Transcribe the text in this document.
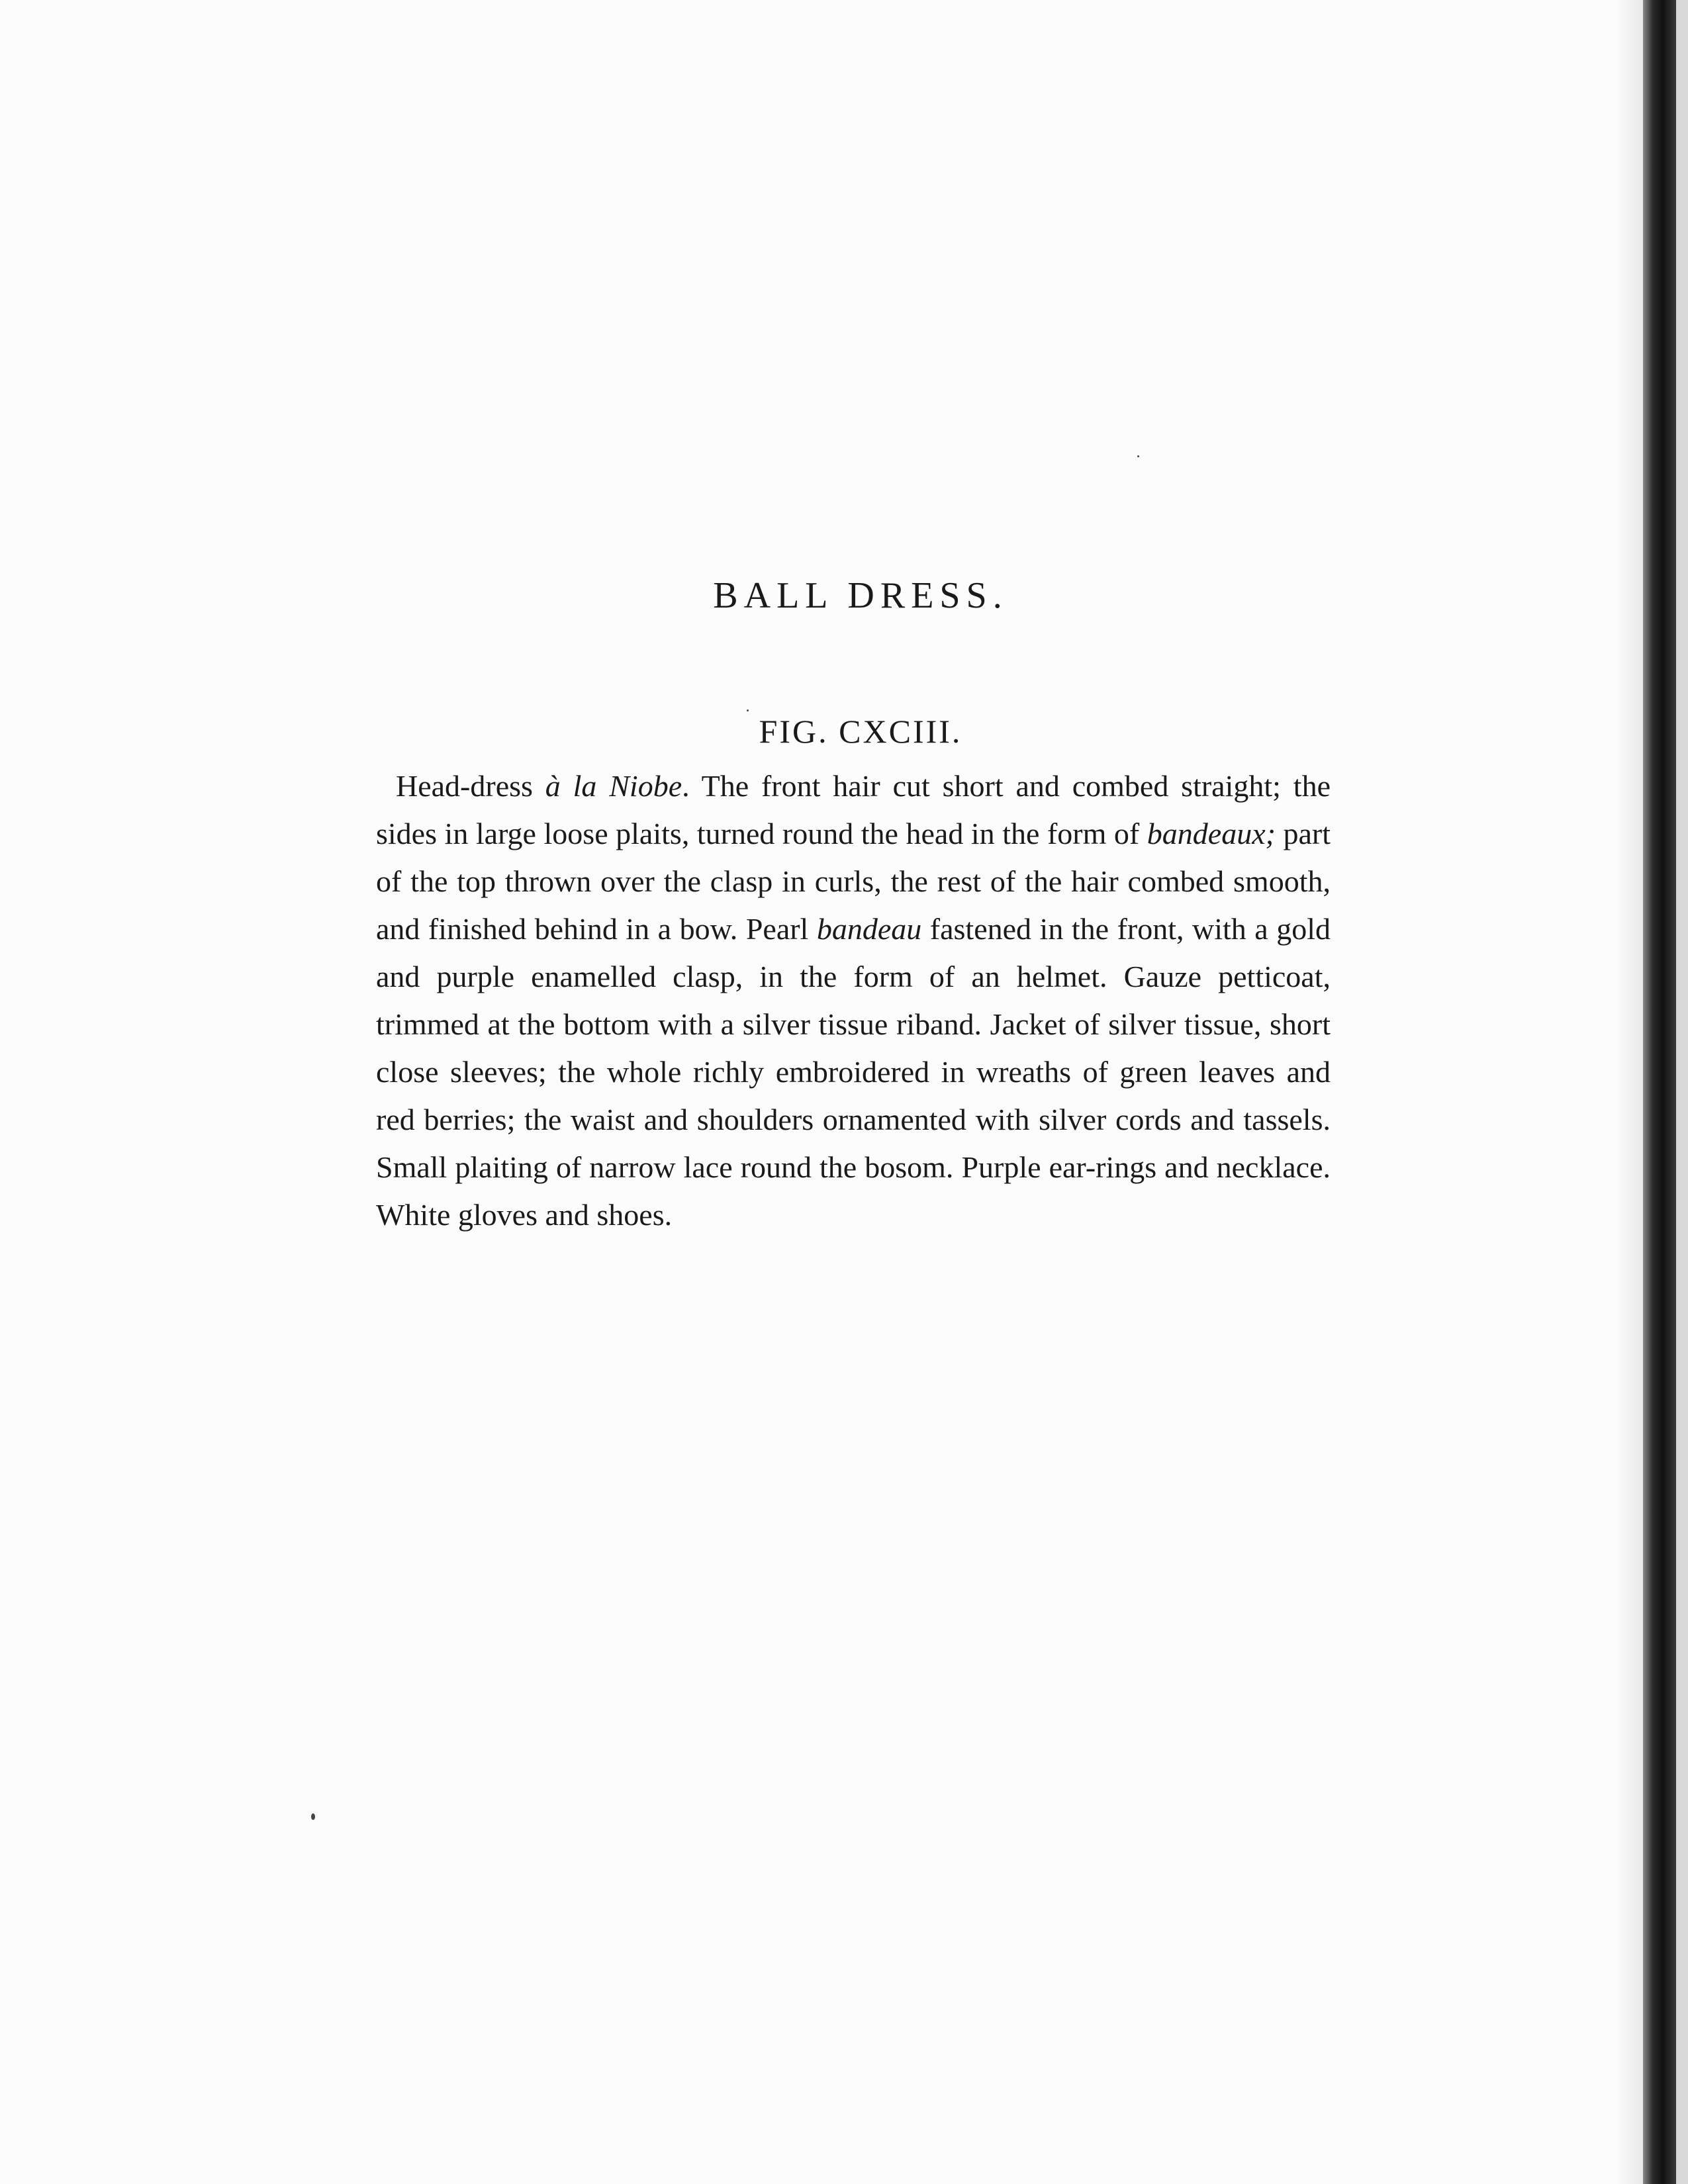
BALL DRESS.
FIG. CXCIII.

Head-dress à la Niobe. The front hair cut short and combed straight; the sides in large loose plaits, turned round the head in the form of bandeaux; part of the top thrown over the clasp in curls, the rest of the hair combed smooth, and finished behind in a bow. Pearl bandeau fastened in the front, with a gold and purple enamelled clasp, in the form of an helmet. Gauze petticoat, trimmed at the bottom with a silver tissue riband. Jacket of silver tissue, short close sleeves; the whole richly embroidered in wreaths of green leaves and red berries; the waist and shoulders ornamented with silver cords and tassels. Small plaiting of narrow lace round the bosom. Purple ear-rings and necklace. White gloves and shoes.
